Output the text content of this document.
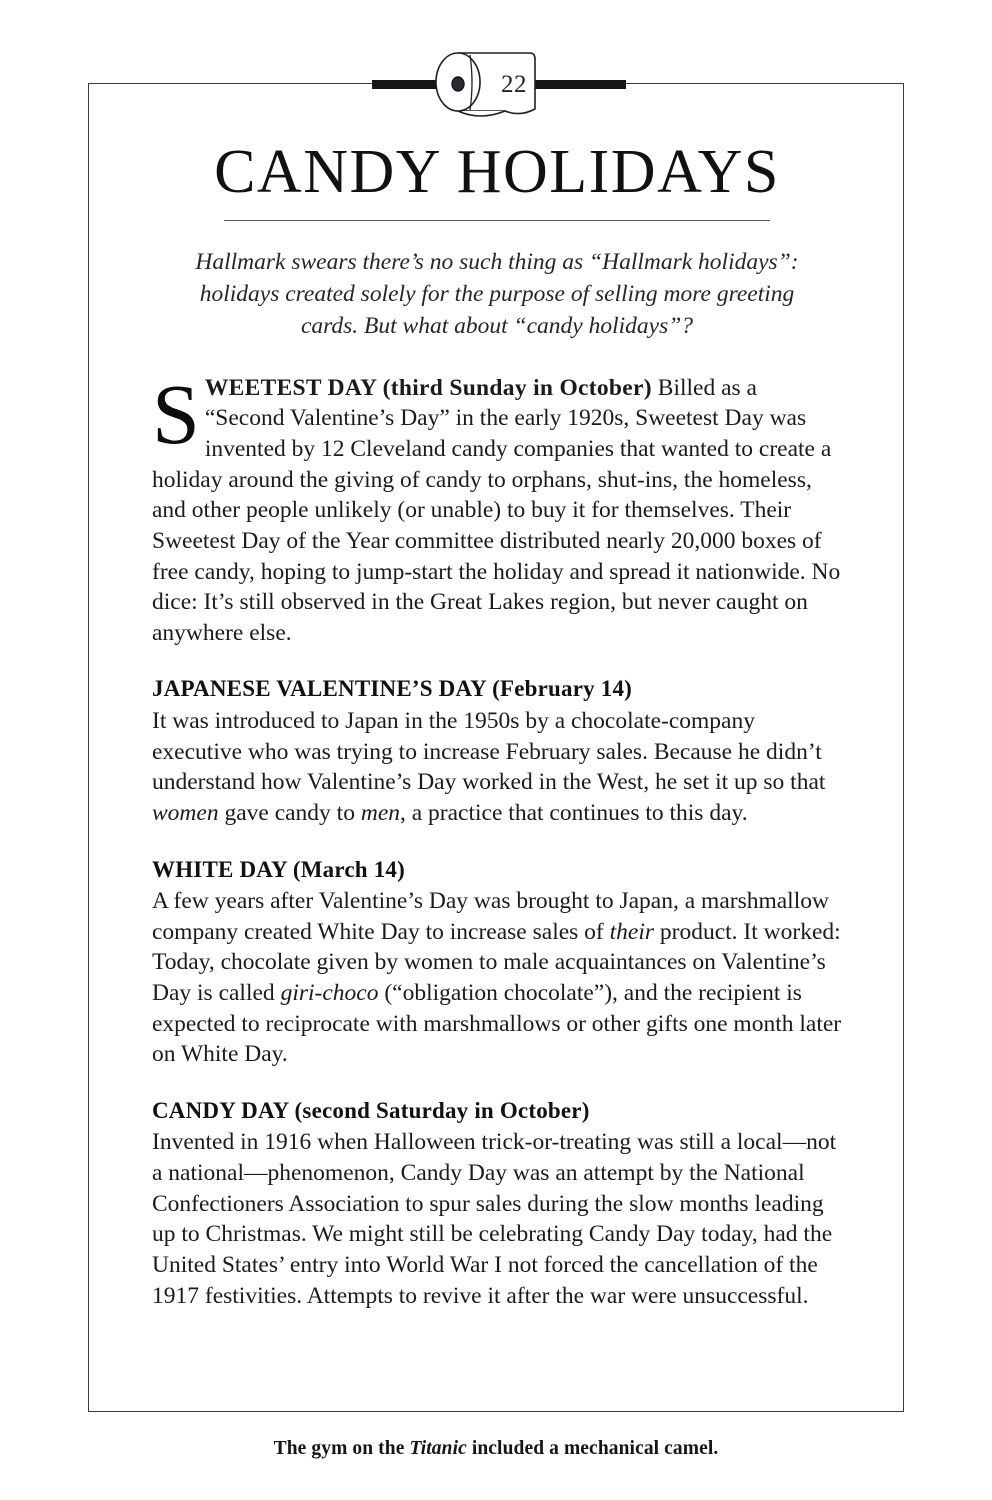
22
CANDY HOLIDAYS

Hallmark swears there’s no such thing as “Hallmark holidays”: holidays created solely for the purpose of selling more greeting cards. But what about “candy holidays”?

SWEETEST DAY (third Sunday in October) Billed as a “Second Valentine’s Day” in the early 1920s, Sweetest Day was invented by 12 Cleveland candy companies that wanted to create a holiday around the giving of candy to orphans, shut-ins, the homeless, and other people unlikely (or unable) to buy it for themselves. Their Sweetest Day of the Year committee distributed nearly 20,000 boxes of free candy, hoping to jump-start the holiday and spread it nationwide. No dice: It’s still observed in the Great Lakes region, but never caught on anywhere else.

JAPANESE VALENTINE’S DAY (February 14)

It was introduced to Japan in the 1950s by a chocolate-company executive who was trying to increase February sales. Because he didn’t understand how Valentine’s Day worked in the West, he set it up so that women gave candy to men, a practice that continues to this day.

WHITE DAY (March 14)

A few years after Valentine’s Day was brought to Japan, a marshmallow company created White Day to increase sales of their product. It worked: Today, chocolate given by women to male acquaintances on Valentine’s Day is called giri-choco (“obligation chocolate”), and the recipient is expected to reciprocate with marshmallows or other gifts one month later on White Day.

CANDY DAY (second Saturday in October)

Invented in 1916 when Halloween trick-or-treating was still a local—not a national—phenomenon, Candy Day was an attempt by the National Confectioners Association to spur sales during the slow months leading up to Christmas. We might still be celebrating Candy Day today, had the United States’ entry into World War I not forced the cancellation of the 1917 festivities. Attempts to revive it after the war were unsuccessful.

The gym on the Titanic included a mechanical camel.
